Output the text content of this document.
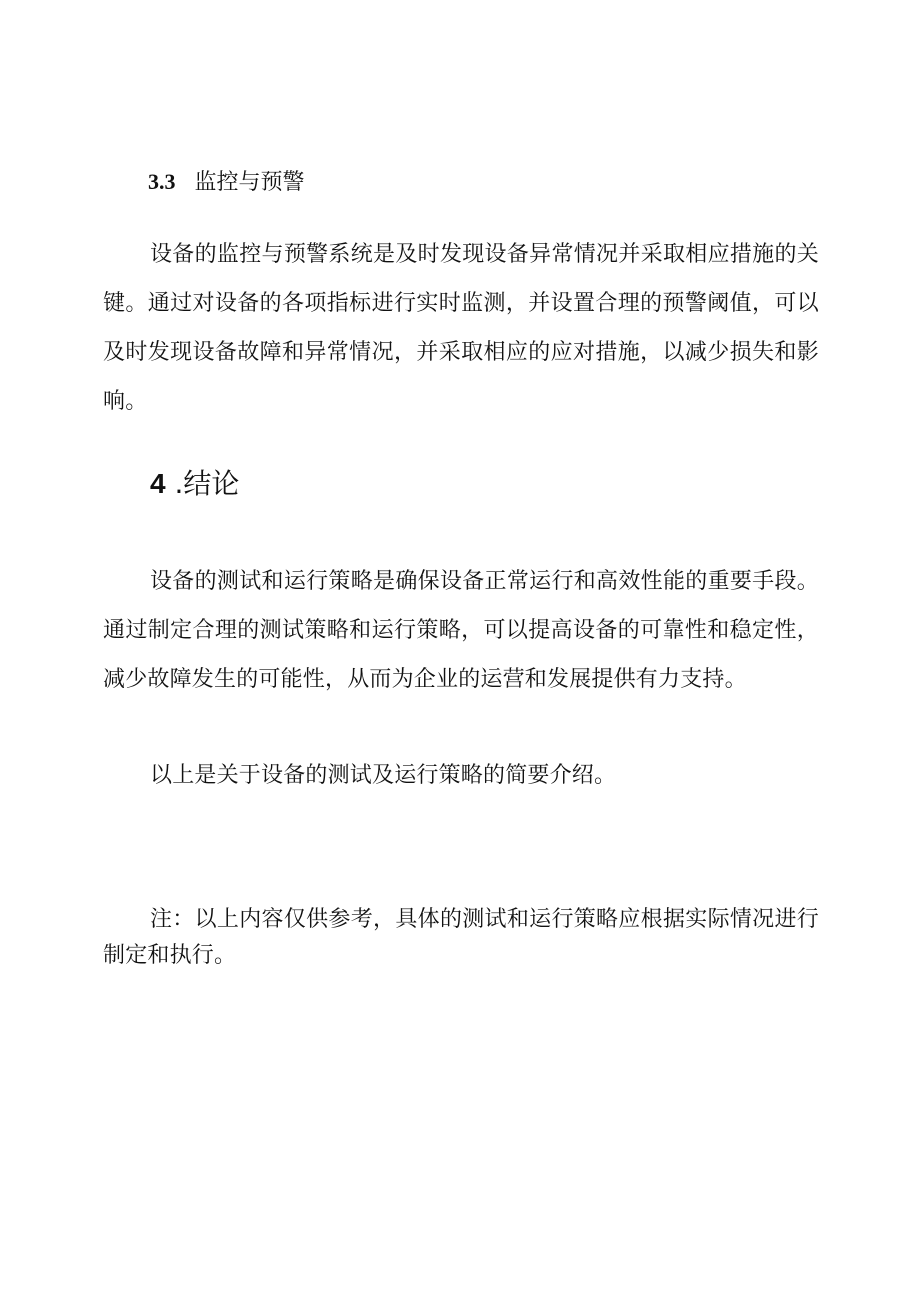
3.3 监控与预警

设备的监控与预警系统是及时发现设备异常情况并采取相应措施的关键。通过对设备的各项指标进行实时监测，并设置合理的预警阈值，可以及时发现设备故障和异常情况，并采取相应的应对措施，以减少损失和影响。

4 .结论

设备的测试和运行策略是确保设备正常运行和高效性能的重要手段。通过制定合理的测试策略和运行策略，可以提高设备的可靠性和稳定性，减少故障发生的可能性，从而为企业的运营和发展提供有力支持。

以上是关于设备的测试及运行策略的简要介绍。

注：以上内容仅供参考，具体的测试和运行策略应根据实际情况进行制定和执行。
